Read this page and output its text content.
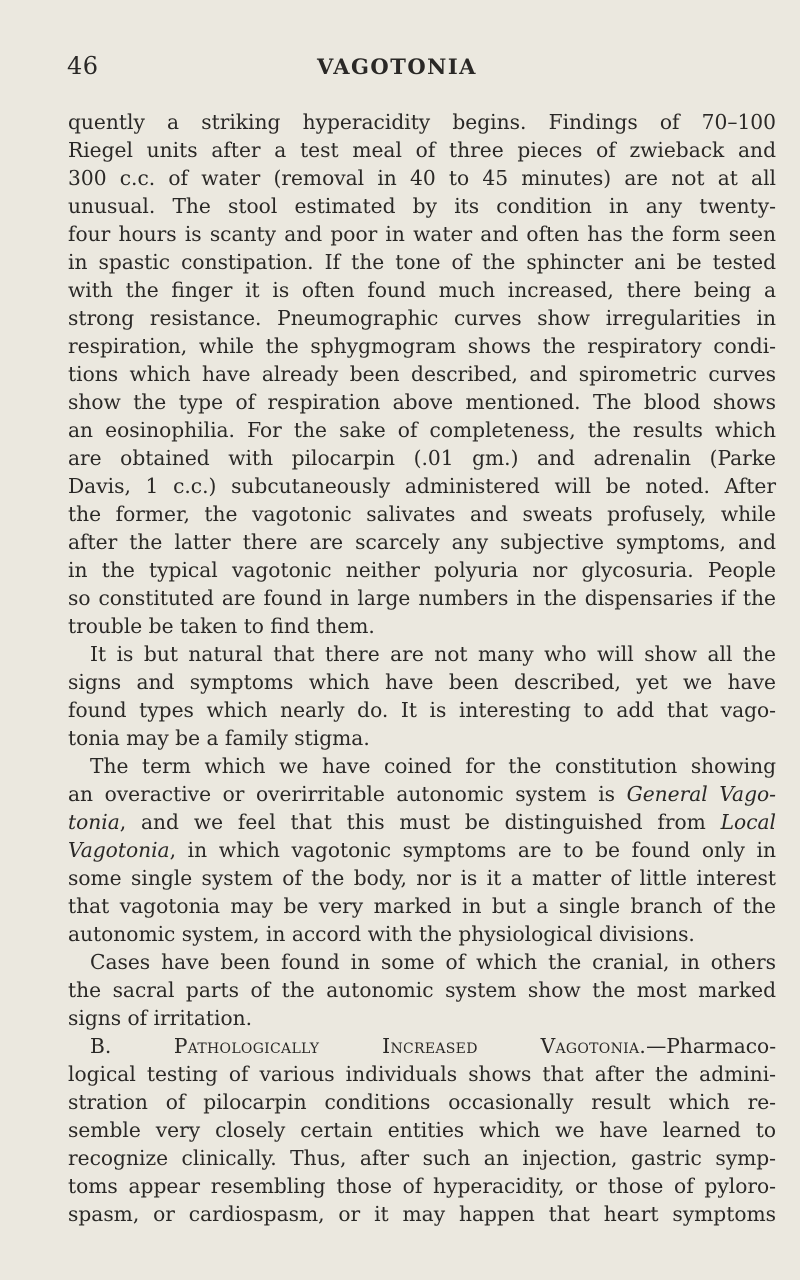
46	VAGOTONIA
quently a striking hyperacidity begins. Findings of 70–100
Riegel units after a test meal of three pieces of zwieback and
300 c.c. of water (removal in 40 to 45 minutes) are not at all
unusual. The stool estimated by its condition in any twenty-
four hours is scanty and poor in water and often has the form seen
in spastic constipation. If the tone of the sphincter ani be tested
with the finger it is often found much increased, there being a
strong resistance. Pneumographic curves show irregularities in
respiration, while the sphygmogram shows the respiratory condi-
tions which have already been described, and spirometric curves
show the type of respiration above mentioned. The blood shows
an eosinophilia. For the sake of completeness, the results which
are obtained with pilocarpin (.01 gm.) and adrenalin (Parke
Davis, 1 c.c.) subcutaneously administered will be noted. After
the former, the vagotonic salivates and sweats profusely, while
after the latter there are scarcely any subjective symptoms, and
in the typical vagotonic neither polyuria nor glycosuria. People
so constituted are found in large numbers in the dispensaries if the
trouble be taken to find them.
It is but natural that there are not many who will show all the
signs and symptoms which have been described, yet we have
found types which nearly do. It is interesting to add that vago-
tonia may be a family stigma.
The term which we have coined for the constitution showing
an overactive or overirritable autonomic system is General Vago-
tonia, and we feel that this must be distinguished from Local
Vagotonia, in which vagotonic symptoms are to be found only in
some single system of the body, nor is it a matter of little interest
that vagotonia may be very marked in but a single branch of the
autonomic system, in accord with the physiological divisions.
Cases have been found in some of which the cranial, in others
the sacral parts of the autonomic system show the most marked
signs of irritation.
B.	Pathologically Increased Vagotonia.—Pharmaco-
logical testing of various individuals shows that after the admini-
stration of pilocarpin conditions occasionally result which re-
semble very closely certain entities which we have learned to
recognize clinically. Thus, after such an injection, gastric symp-
toms appear resembling those of hyperacidity, or those of pyloro-
spasm, or cardiospasm, or it may happen that heart symptoms
